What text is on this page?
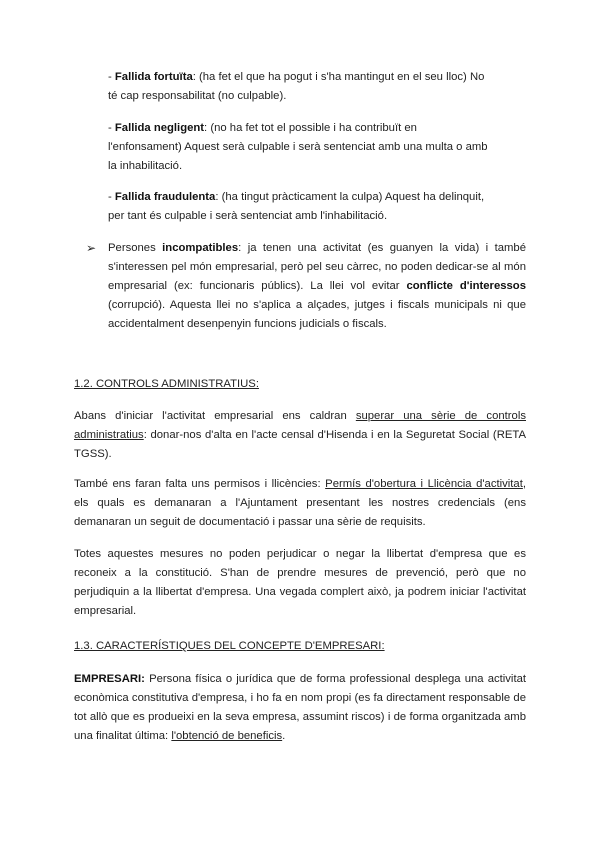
- Fallida fortuïta: (ha fet el que ha pogut i s'ha mantingut en el seu lloc) No té cap responsabilitat (no culpable).

- Fallida negligent: (no ha fet tot el possible i ha contribuït en l'enfonsament) Aquest serà culpable i serà sentenciat amb una multa o amb la inhabilitació.

- Fallida fraudulenta: (ha tingut pràcticament la culpa) Aquest ha delinquit, per tant és culpable i serà sentenciat amb l'inhabilitació.

➢ Persones incompatibles: ja tenen una activitat (es guanyen la vida) i també s'interessen pel món empresarial, però pel seu càrrec, no poden dedicar-se al món empresarial (ex: funcionaris públics). La llei vol evitar conflicte d'interessos (corrupció). Aquesta llei no s'aplica a alçades, jutges i fiscals municipals ni que accidentalment desenpenyin funcions judicials o fiscals.

1.2. CONTROLS ADMINISTRATIUS:

Abans d'iniciar l'activitat empresarial ens caldran superar una sèrie de controls administratius: donar-nos d'alta en l'acte censal d'Hisenda i en la Seguretat Social (RETA TGSS).

També ens faran falta uns permisos i llicències: Permís d'obertura i Llicència d'activitat, els quals es demanaran a l'Ajuntament presentant les nostres credencials (ens demanaran un seguit de documentació i passar una sèrie de requisits.

Totes aquestes mesures no poden perjudicar o negar la llibertat d'empresa que es reconeix a la constitució. S'han de prendre mesures de prevenció, però que no perjudiquin a la llibertat d'empresa. Una vegada complert això, ja podrem iniciar l'activitat empresarial.

1.3. CARACTERÍSTIQUES DEL CONCEPTE D'EMPRESARI:

EMPRESARI: Persona física o jurídica que de forma professional desplega una activitat econòmica constitutiva d'empresa, i ho fa en nom propi (es fa directament responsable de tot allò que es produeixi en la seva empresa, assumint riscos) i de forma organitzada amb una finalitat última: l'obtenció de beneficis.
